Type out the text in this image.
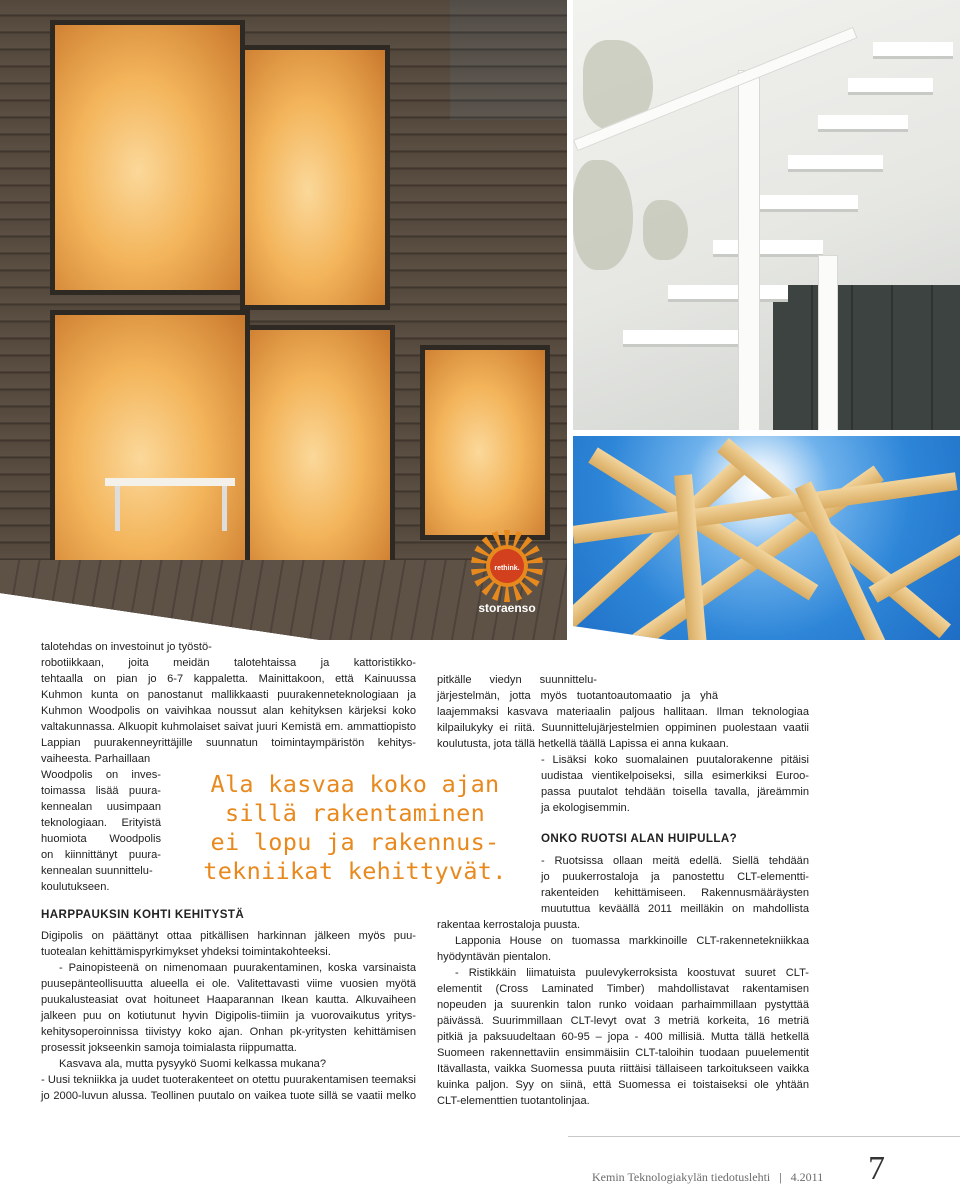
rethink.
storaenso
talotehdas on investoinut jo työstö-
robotiikkaan, joita meidän talotehtaissa ja kattoristikko-
tehtaalla on pian jo 6-7 kappaletta. Mainittakoon, että Kainuussa
Kuhmon kunta on panostanut mallikkaasti puurakenneteknologiaan ja
Kuhmon Woodpolis on vaivihkaa noussut alan kehityksen kärjeksi koko
valtakunnassa. Alkuopit kuhmolaiset saivat juuri Kemistä em. ammattiopisto
Lappian puurakenneyrittäjille suunnatun toimintaympäristön kehitys-
vaiheesta. Parhaillaan
Woodpolis on inves-
toimassa lisää puura-
kennealan uusimpaan
teknologiaan. Erityistä
huomiota Woodpolis
on kiinnittänyt puura-
kennealan suunnittelu-
koulutukseen.
HARPPAUKSIN KOHTI KEHITYSTÄ
Digipolis on päättänyt ottaa pitkällisen harkinnan jälkeen myös puu-
tuotealan kehittämispyrkimykset yhdeksi toimintakohteeksi.
- Painopisteenä on nimenomaan puurakentaminen, koska varsinaista
puusepänteollisuutta alueella ei ole. Valitettavasti viime vuosien myötä
puukalusteasiat ovat hoituneet Haaparannan Ikean kautta. Alkuvaiheen
jalkeen puu on kotiutunut hyvin Digipolis-tiimiin ja vuorovaikutus yritys-
kehitysoperoinnissa tiivistyy koko ajan. Onhan pk-yritysten kehittämisen
prosessit jokseenkin samoja toimialasta riippumatta.
Kasvava ala, mutta pysyykö Suomi kelkassa mukana?
- Uusi tekniikka ja uudet tuoterakenteet on otettu puurakentamisen teemaksi
jo 2000-luvun alussa. Teollinen puutalo on vaikea tuote sillä se vaatii melko
Ala kasvaa koko ajan
sillä rakentaminen
ei lopu ja rakennus-
tekniikat kehittyvät.
pitkälle viedyn suunnittelu-
järjestelmän, jotta myös tuotantoautomaatio ja yhä
laajemmaksi kasvava materiaalin paljous hallitaan. Ilman teknologiaa
kilpailukyky ei riitä. Suunnittelujärjestelmien oppiminen puolestaan vaatii
koulutusta, jota tällä hetkellä täällä Lapissa ei anna kukaan.
- Lisäksi koko suomalainen puutalorakenne pitäisi
uudistaa vientikelpoiseksi, silla esimerkiksi Euroo-
passa puutalot tehdään toisella tavalla, järeämmin
ja ekologisemmin.
ONKO RUOTSI ALAN HUIPULLA?
- Ruotsissa ollaan meitä edellä. Siellä tehdään
jo puukerrostaloja ja panostettu CLT-elementti-
rakenteiden kehittämiseen. Rakennusmääräysten
muututtua keväällä 2011 meilläkin on mahdollista
rakentaa kerrostaloja puusta.
Lapponia House on tuomassa markkinoille CLT-rakennetekniikkaa
hyödyntävän pientalon.
- Ristikkäin liimatuista puulevykerroksista koostuvat suuret CLT-
elementit (Cross Laminated Timber) mahdollistavat rakentamisen
nopeuden ja suurenkin talon runko voidaan parhaimmillaan pystyttää
päivässä. Suurimmillaan CLT-levyt ovat 3 metriä korkeita, 16 metriä
pitkiä ja paksuudeltaan 60-95 – jopa - 400 millisiä. Mutta tällä hetkellä
Suomeen rakennettaviin ensimmäisiin CLT-taloihin tuodaan puuelementit
Itävallasta, vaikka Suomessa puuta riittäisi tällaiseen tarkoitukseen vaikka
kuinka paljon. Syy on siinä, että Suomessa ei toistaiseksi ole yhtään
CLT-elementtien tuotantolinjaa.
Kemin Teknologiakylän tiedotuslehti | 4.2011 7
